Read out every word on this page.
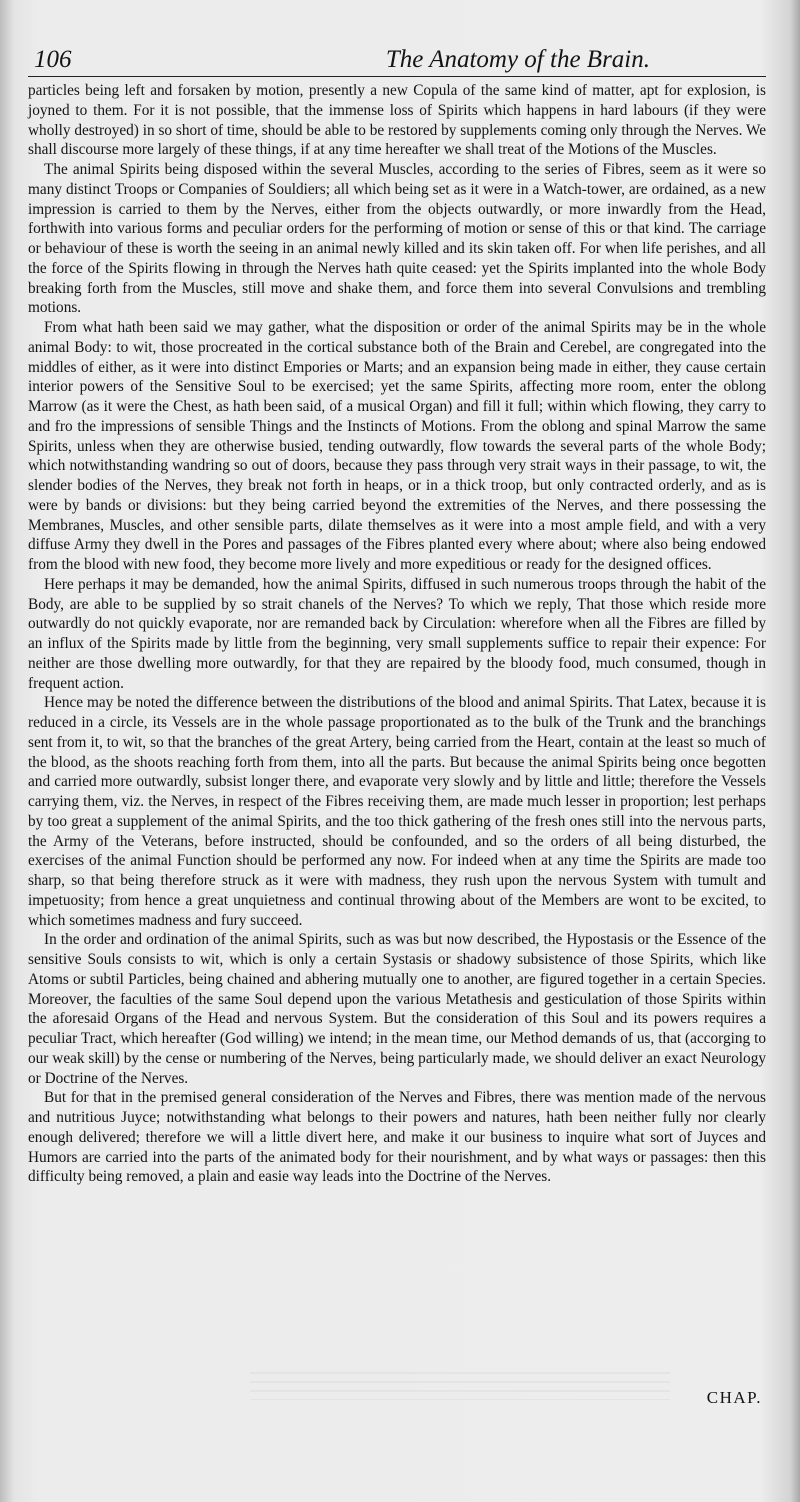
106	The Anatomy of the Brain.

particles being left and forsaken by motion, presently a new Copula of the same kind of matter, apt for explosion, is joyned to them. For it is not possible, that the immense loss of Spirits which happens in hard labours (if they were wholly destroyed) in so short of time, should be able to be restored by supplements coming only through the Nerves. We shall discourse more largely of these things, if at any time hereafter we shall treat of the Motions of the Muscles.

The animal Spirits being disposed within the several Muscles, according to the series of Fibres, seem as it were so many distinct Troops or Companies of Souldiers; all which being set as it were in a Watch-tower, are ordained, as a new impression is carried to them by the Nerves, either from the objects outwardly, or more inwardly from the Head, forthwith into various forms and peculiar orders for the performing of motion or sense of this or that kind. The carriage or behaviour of these is worth the seeing in an animal newly killed and its skin taken off. For when life perishes, and all the force of the Spirits flowing in through the Nerves hath quite ceased: yet the Spirits implanted into the whole Body breaking forth from the Muscles, still move and shake them, and force them into several Convulsions and trembling motions.

From what hath been said we may gather, what the disposition or order of the animal Spirits may be in the whole animal Body: to wit, those procreated in the cortical substance both of the Brain and Cerebel, are congregated into the middles of either, as it were into distinct Empories or Marts; and an expansion being made in either, they cause certain interior powers of the Sensitive Soul to be exercised; yet the same Spirits, affecting more room, enter the oblong Marrow (as it were the Chest, as hath been said, of a musical Organ) and fill it full; within which flowing, they carry to and fro the impressions of sensible Things and the Instincts of Motions. From the oblong and spinal Marrow the same Spirits, unless when they are otherwise busied, tending outwardly, flow towards the several parts of the whole Body; which notwithstanding wandring so out of doors, because they pass through very strait ways in their passage, to wit, the slender bodies of the Nerves, they break not forth in heaps, or in a thick troop, but only contracted orderly, and as is were by bands or divisions: but they being carried beyond the extremities of the Nerves, and there possessing the Membranes, Muscles, and other sensible parts, dilate themselves as it were into a most ample field, and with a very diffuse Army they dwell in the Pores and passages of the Fibres planted every where about; where also being endowed from the blood with new food, they become more lively and more expeditious or ready for the designed offices.

Here perhaps it may be demanded, how the animal Spirits, diffused in such numerous troops through the habit of the Body, are able to be supplied by so strait chanels of the Nerves? To which we reply, That those which reside more outwardly do not quickly evaporate, nor are remanded back by Circulation: wherefore when all the Fibres are filled by an influx of the Spirits made by little from the beginning, very small supplements suffice to repair their expence: For neither are those dwelling more outwardly, for that they are repaired by the bloody food, much consumed, though in frequent action.

Hence may be noted the difference between the distributions of the blood and animal Spirits. That Latex, because it is reduced in a circle, its Vessels are in the whole passage proportionated as to the bulk of the Trunk and the branchings sent from it, to wit, so that the branches of the great Artery, being carried from the Heart, contain at the least so much of the blood, as the shoots reaching forth from them, into all the parts. But because the animal Spirits being once begotten and carried more outwardly, subsist longer there, and evaporate very slowly and by little and little; therefore the Vessels carrying them, viz. the Nerves, in respect of the Fibres receiving them, are made much lesser in proportion; lest perhaps by too great a supplement of the animal Spirits, and the too thick gathering of the fresh ones still into the nervous parts, the Army of the Veterans, before instructed, should be confounded, and so the orders of all being disturbed, the exercises of the animal Function should be performed any now. For indeed when at any time the Spirits are made too sharp, so that being therefore struck as it were with madness, they rush upon the nervous System with tumult and impetuosity; from hence a great unquietness and continual throwing about of the Members are wont to be excited, to which sometimes madness and fury succeed.

In the order and ordination of the animal Spirits, such as was but now described, the Hypostasis or the Essence of the sensitive Souls consists to wit, which is only a certain Systasis or shadowy subsistence of those Spirits, which like Atoms or subtil Particles, being chained and abhering mutually one to another, are figured together in a certain Species. Moreover, the faculties of the same Soul depend upon the various Metathesis and gesticulation of those Spirits within the aforesaid Organs of the Head and nervous System. But the consideration of this Soul and its powers requires a peculiar Tract, which hereafter (God willing) we intend; in the mean time, our Method demands of us, that (accorging to our weak skill) by the cense or numbering of the Nerves, being particularly made, we should deliver an exact Neurology or Doctrine of the Nerves.

But for that in the premised general consideration of the Nerves and Fibres, there was mention made of the nervous and nutritious Juyce; notwithstanding what belongs to their powers and natures, hath been neither fully nor clearly enough delivered; therefore we will a little divert here, and make it our business to inquire what sort of Juyces and Humors are carried into the parts of the animated body for their nourishment, and by what ways or passages: then this difficulty being removed, a plain and easie way leads into the Doctrine of the Nerves.

CHAP.
